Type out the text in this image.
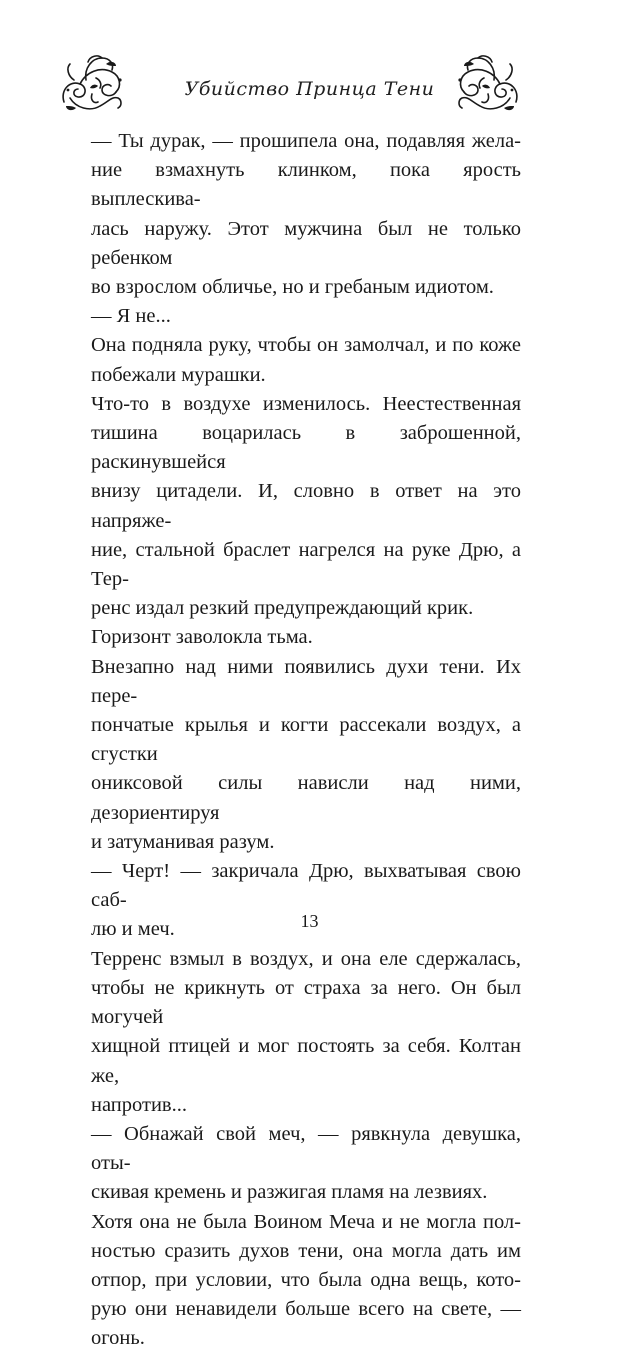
Убийство Принца Тени
— Ты дурак, — прошипела она, подавляя жела-
ние взмахнуть клинком, пока ярость выплескива-
лась наружу. Этот мужчина был не только ребенком
во взрослом обличье, но и гребаным идиотом.
— Я не...
Она подняла руку, чтобы он замолчал, и по коже
побежали мурашки.
Что-то в воздухе изменилось. Неестественная
тишина воцарилась в заброшенной, раскинувшейся
внизу цитадели. И, словно в ответ на это напряже-
ние, стальной браслет нагрелся на руке Дрю, а Тер-
ренс издал резкий предупреждающий крик.
Горизонт заволокла тьма.
Внезапно над ними появились духи тени. Их пере-
пончатые крылья и когти рассекали воздух, а сгустки
ониксовой силы нависли над ними, дезориентируя
и затуманивая разум.
— Черт! — закричала Дрю, выхватывая свою саб-
лю и меч.
Терренс взмыл в воздух, и она еле сдержалась,
чтобы не крикнуть от страха за него. Он был могучей
хищной птицей и мог постоять за себя. Колтан же,
напротив...
— Обнажай свой меч, — рявкнула девушка, оты-
скивая кремень и разжигая пламя на лезвиях.
Хотя она не была Воином Меча и не могла пол-
ностью сразить духов тени, она могла дать им
отпор, при условии, что была одна вещь, кото-
рую они ненавидели больше всего на свете, —
огонь.
13
